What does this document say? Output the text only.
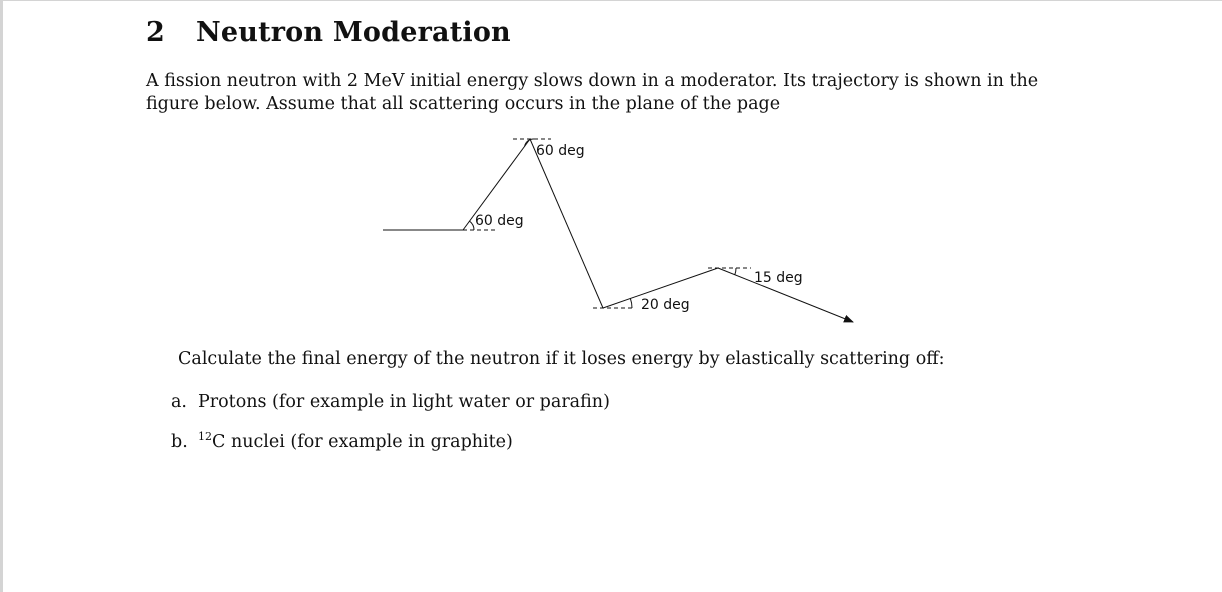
2 Neutron Moderation

A fission neutron with 2 MeV initial energy slows down in a moderator. Its trajectory is shown in the figure below. Assume that all scattering occurs in the plane of the page

60 deg
60 deg
20 deg
15 deg

Calculate the final energy of the neutron if it loses energy by elastically scattering off:

a. Protons (for example in light water or parafin)
b. $^{12}$C nuclei (for example in graphite)
